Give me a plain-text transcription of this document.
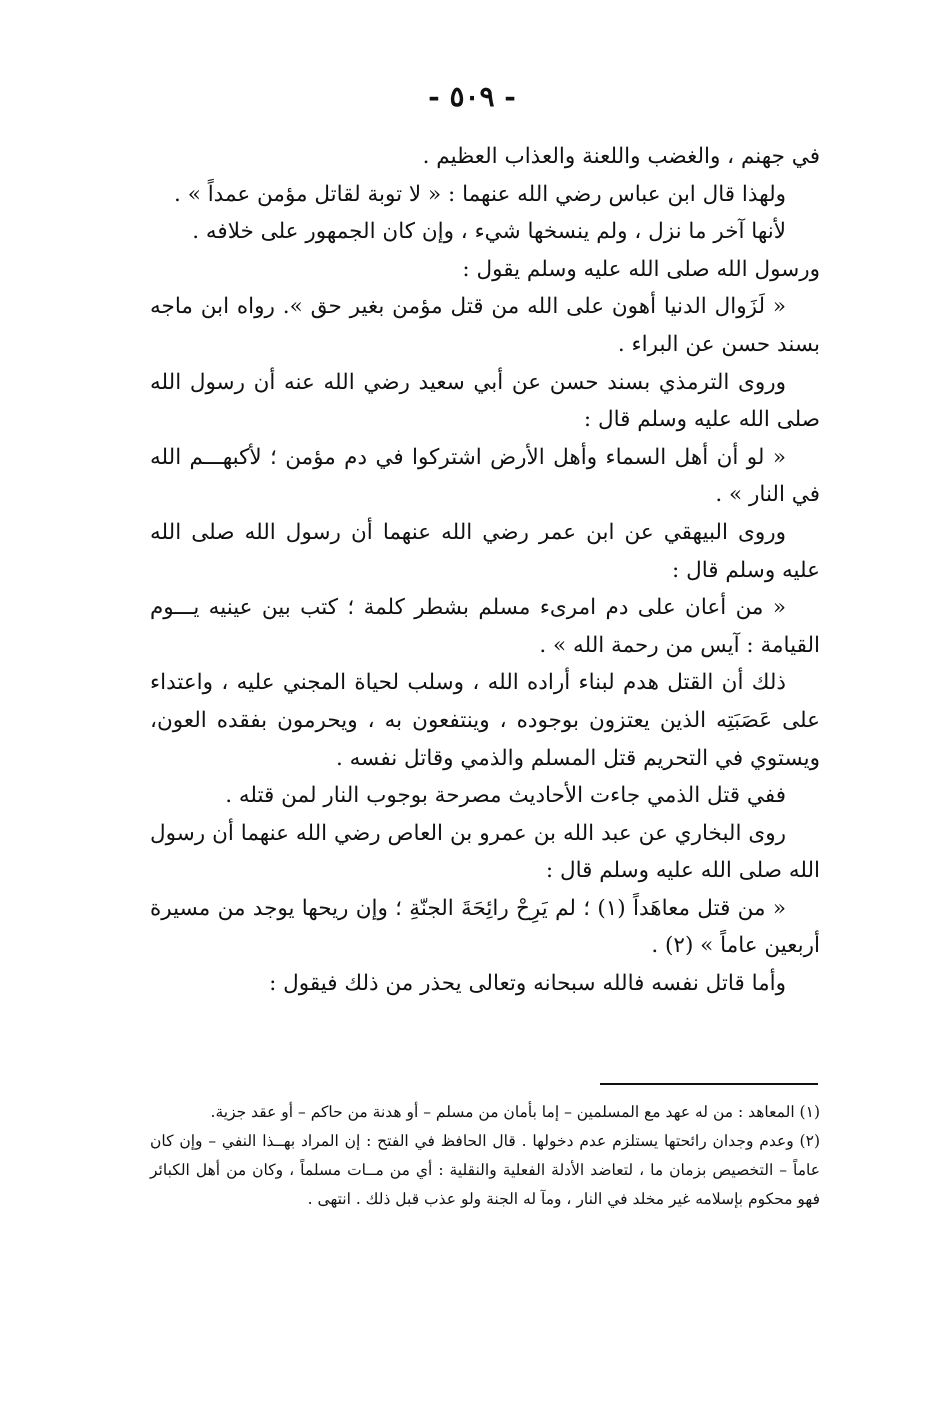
- ٥٠٩ -

في جهنم ، والغضب واللعنة والعذاب العظيم .

ولهذا قال ابن عباس رضي الله عنهما : « لا توبة لقاتل مؤمن عمداً » .

لأنها آخر ما نزل ، ولم ينسخها شيء ، وإن كان الجمهور على خلافه .

ورسول الله صلى الله عليه وسلم يقول :

« لَزَوال الدنيا أهون على الله من قتل مؤمن بغير حق ». رواه ابن ماجه بسند حسن عن البراء .

وروى الترمذي بسند حسن عن أبي سعيد رضي الله عنه أن رسول الله صلى الله عليه وسلم قال :

« لو أن أهل السماء وأهل الأرض اشتركوا في دم مؤمن ؛ لأكبهـــم الله في النار » .

وروى البيهقي عن ابن عمر رضي الله عنهما أن رسول الله صلى الله عليه وسلم قال :

« من أعان على دم امرىء مسلم بشطر كلمة ؛ كتب بين عينيه يـــوم القيامة : آيس من رحمة الله » .

ذلك أن القتل هدم لبناء أراده الله ، وسلب لحياة المجني عليه ، واعتداء على عَصَبَتِه الذين يعتزون بوجوده ، وينتفعون به ، ويحرمون بفقده العون، ويستوي في التحريم قتل المسلم والذمي وقاتل نفسه .

ففي قتل الذمي جاءت الأحاديث مصرحة بوجوب النار لمن قتله .

روى البخاري عن عبد الله بن عمرو بن العاص رضي الله عنهما أن رسول الله صلى الله عليه وسلم قال :

« من قتل معاهَداً (١) ؛ لم يَرِحْ رائِحَةَ الجنّةِ ؛ وإن ريحها يوجد من مسيرة أربعين عاماً » (٢) .

وأما قاتل نفسه فالله سبحانه وتعالى يحذر من ذلك فيقول :

(١) المعاهد : من له عهد مع المسلمين – إما بأمان من مسلم – أو هدنة من حاكم – أو عقد جزية.

(٢) وعدم وجدان رائحتها يستلزم عدم دخولها . قال الحافظ في الفتح : إن المراد بهــذا النفي – وإن كان عاماً – التخصيص بزمان ما ، لتعاضد الأدلة الفعلية والنقلية : أي من مــات مسلماً ، وكان من أهل الكبائر فهو محكوم بإسلامه غير مخلد في النار ، ومآ له الجنة ولو عذب قبل ذلك . انتهى .
